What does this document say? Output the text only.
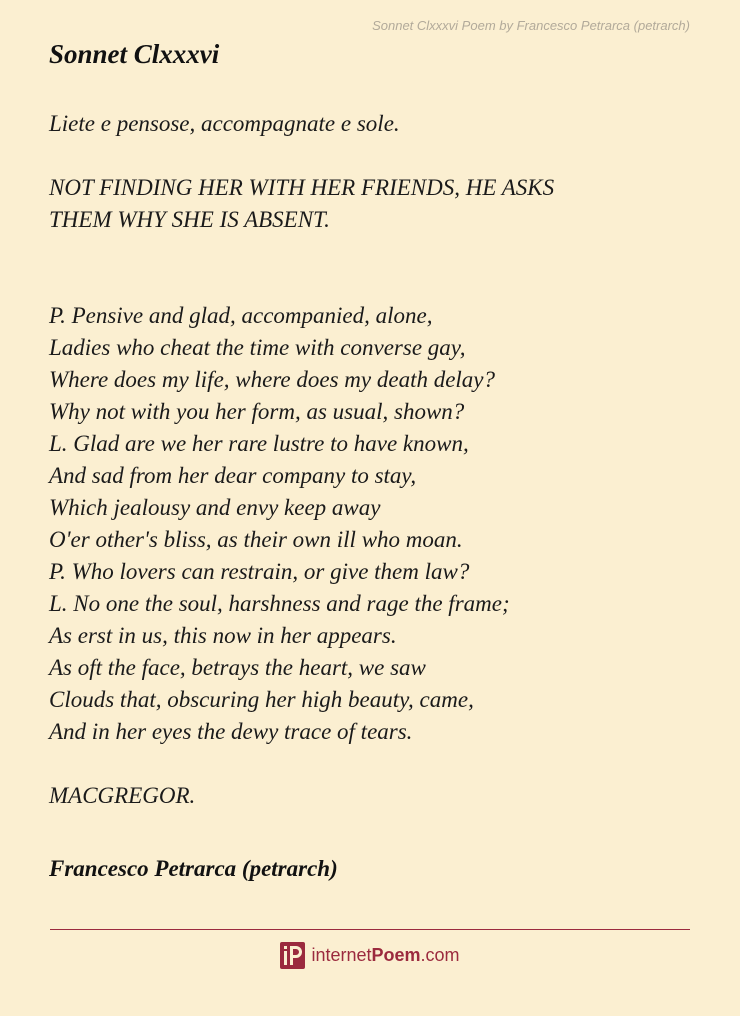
Sonnet Clxxxvi Poem by Francesco Petrarca (petrarch)
Sonnet Clxxxvi
Liete e pensose, accompagnate e sole.
NOT FINDING HER WITH HER FRIENDS, HE ASKS
THEM WHY SHE IS ABSENT.
P. Pensive and glad, accompanied, alone,
Ladies who cheat the time with converse gay,
Where does my life, where does my death delay?
Why not with you her form, as usual, shown?
L. Glad are we her rare lustre to have known,
And sad from her dear company to stay,
Which jealousy and envy keep away
O'er other's bliss, as their own ill who moan.
P. Who lovers can restrain, or give them law?
L. No one the soul, harshness and rage the frame;
As erst in us, this now in her appears.
As oft the face, betrays the heart, we saw
Clouds that, obscuring her high beauty, came,
And in her eyes the dewy trace of tears.
MACGREGOR.
Francesco Petrarca (petrarch)
internetPoem.com
